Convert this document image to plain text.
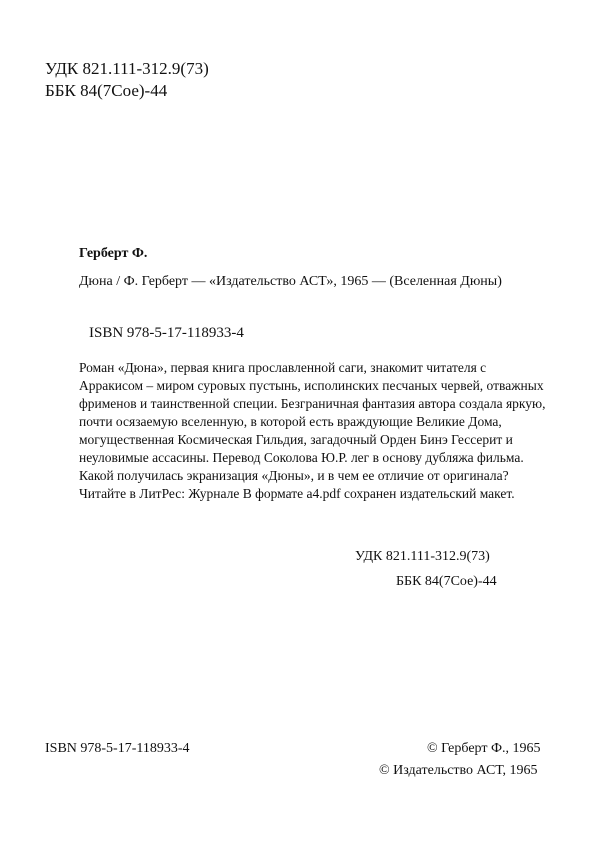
УДК 821.111-312.9(73)
ББК 84(7Сое)-44
Герберт Ф.
Дюна / Ф. Герберт — «Издательство АСТ», 1965 — (Вселенная Дюны)
ISBN 978-5-17-118933-4

Роман «Дюна», первая книга прославленной саги, знакомит читателя с Арракисом – миром суровых пустынь, исполинских песчаных червей, отважных фрименов и таинственной специи. Безграничная фантазия автора создала яркую, почти осязаемую вселенную, в которой есть враждующие Великие Дома, могущественная Космическая Гильдия, загадочный Орден Бинэ Гессерит и неуловимые ассасины. Перевод Соколова Ю.Р. лег в основу дубляжа фильма. Какой получилась экранизация «Дюны», и в чем ее отличие от оригинала? Читайте в ЛитРес: Журнале В формате a4.pdf сохранен издательский макет.

УДК 821.111-312.9(73)
ББК 84(7Сое)-44
ISBN 978-5-17-118933-4	© Герберт Ф., 1965
© Издательство АСТ, 1965
